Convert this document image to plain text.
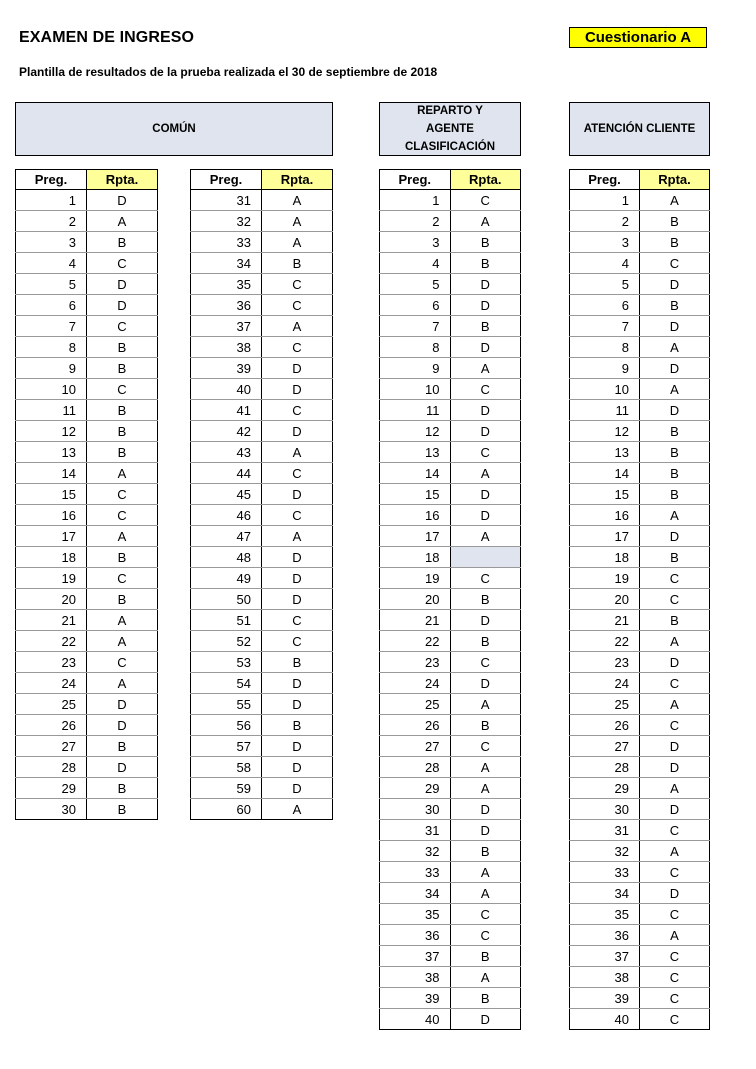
EXAMEN DE INGRESO	Cuestionario A
Plantilla de resultados de la prueba realizada el 30 de septiembre de 2018
COMÚN
REPARTO Y
AGENTE
CLASIFICACIÓN
ATENCIÓN CLIENTE
Preg.	Rpta.
1	D
2	A
3	B
4	C
5	D
6	D
7	C
8	B
9	B
10	C
11	B
12	B
13	B
14	A
15	C
16	C
17	A
18	B
19	C
20	B
21	A
22	A
23	C
24	A
25	D
26	D
27	B
28	D
29	B
30	B
Preg.	Rpta.
31	A
32	A
33	A
34	B
35	C
36	C
37	A
38	C
39	D
40	D
41	C
42	D
43	A
44	C
45	D
46	C
47	A
48	D
49	D
50	D
51	C
52	C
53	B
54	D
55	D
56	B
57	D
58	D
59	D
60	A
Preg.	Rpta.
1	C
2	A
3	B
4	B
5	D
6	D
7	B
8	D
9	A
10	C
11	D
12	D
13	C
14	A
15	D
16	D
17	A
18	
19	C
20	B
21	D
22	B
23	C
24	D
25	A
26	B
27	C
28	A
29	A
30	D
31	D
32	B
33	A
34	A
35	C
36	C
37	B
38	A
39	B
40	D
Preg.	Rpta.
1	A
2	B
3	B
4	C
5	D
6	B
7	D
8	A
9	D
10	A
11	D
12	B
13	B
14	B
15	B
16	A
17	D
18	B
19	C
20	C
21	B
22	A
23	D
24	C
25	A
26	C
27	D
28	D
29	A
30	D
31	C
32	A
33	C
34	D
35	C
36	A
37	C
38	C
39	C
40	C
